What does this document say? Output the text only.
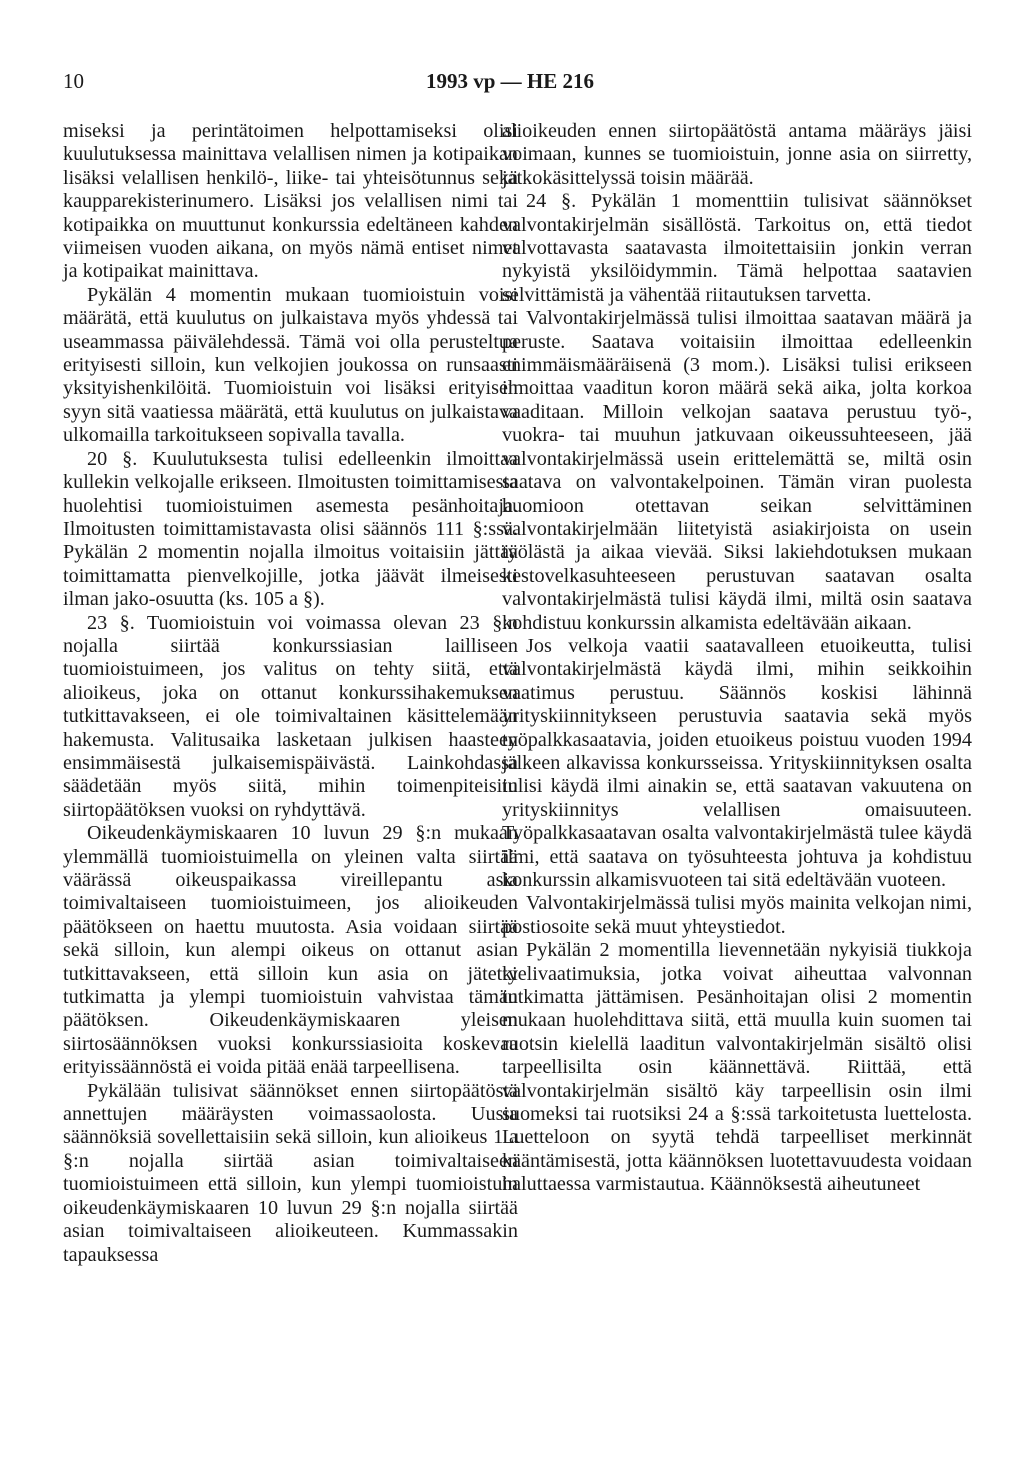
10	1993 vp — HE 216

miseksi ja perintätoimen helpottamiseksi olisi kuulutuksessa mainittava velallisen nimen ja kotipaikan lisäksi velallisen henkilö-, liike- tai yhteisötunnus sekä kaupparekisterinumero. Lisäksi jos velallisen nimi tai kotipaikka on muuttunut konkurssia edeltäneen kahden viimeisen vuoden aikana, on myös nämä entiset nimet ja kotipaikat mainittava.

Pykälän 4 momentin mukaan tuomioistuin voisi määrätä, että kuulutus on julkaistava myös yhdessä tai useammassa päivälehdessä. Tämä voi olla perusteltua erityisesti silloin, kun velkojien joukossa on runsaasti yksityishenkilöitä. Tuomioistuin voi lisäksi erityisen syyn sitä vaatiessa määrätä, että kuulutus on julkaistava ulkomailla tarkoitukseen sopivalla tavalla.

20 §. Kuulutuksesta tulisi edelleenkin ilmoittaa kullekin velkojalle erikseen. Ilmoitusten toimittamisesta huolehtisi tuomioistuimen asemesta pesänhoitaja. Ilmoitusten toimittamistavasta olisi säännös 111 §:ssä. Pykälän 2 momentin nojalla ilmoitus voitaisiin jättää toimittamatta pienvelkojille, jotka jäävät ilmeisesti ilman jako-osuutta (ks. 105 a §).

23 §. Tuomioistuin voi voimassa olevan 23 §:n nojalla siirtää konkurssiasian lailliseen tuomioistuimeen, jos valitus on tehty siitä, että alioikeus, joka on ottanut konkurssihakemuksen tutkittavakseen, ei ole toimivaltainen käsittelemään hakemusta. Valitusaika lasketaan julkisen haasteen ensimmäisestä julkaisemispäivästä. Lainkohdassa säädetään myös siitä, mihin toimenpiteisiin siirtopäätöksen vuoksi on ryhdyttävä.

Oikeudenkäymiskaaren 10 luvun 29 §:n mukaan ylemmällä tuomioistuimella on yleinen valta siirtää väärässä oikeuspaikassa vireillepantu asia toimivaltaiseen tuomioistuimeen, jos alioikeuden päätökseen on haettu muutosta. Asia voidaan siirtää sekä silloin, kun alempi oikeus on ottanut asian tutkittavakseen, että silloin kun asia on jätetty tutkimatta ja ylempi tuomioistuin vahvistaa tämän päätöksen. Oikeudenkäymiskaaren yleisen siirtosäännöksen vuoksi konkurssiasioita koskevaa erityissäännöstä ei voida pitää enää tarpeellisena.

Pykälään tulisivat säännökset ennen siirtopäätöstä annettujen määräysten voimassaolosta. Uusia säännöksiä sovellettaisiin sekä silloin, kun alioikeus 1 a §:n nojalla siirtää asian toimivaltaiseen tuomioistuimeen että silloin, kun ylempi tuomioistuin oikeudenkäymiskaaren 10 luvun 29 §:n nojalla siirtää asian toimivaltaiseen alioikeuteen. Kummassakin tapauksessa

alioikeuden ennen siirtopäätöstä antama määräys jäisi voimaan, kunnes se tuomioistuin, jonne asia on siirretty, jatkokäsittelyssä toisin määrää.

24 §. Pykälän 1 momenttiin tulisivat säännökset valvontakirjelmän sisällöstä. Tarkoitus on, että tiedot valvottavasta saatavasta ilmoitettaisiin jonkin verran nykyistä yksilöidymmin. Tämä helpottaa saatavien selvittämistä ja vähentää riitautuksen tarvetta.

Valvontakirjelmässä tulisi ilmoittaa saatavan määrä ja peruste. Saatava voitaisiin ilmoittaa edelleenkin enimmäismääräisenä (3 mom.). Lisäksi tulisi erikseen ilmoittaa vaaditun koron määrä sekä aika, jolta korkoa vaaditaan. Milloin velkojan saatava perustuu työ-, vuokra- tai muuhun jatkuvaan oikeussuhteeseen, jää valvontakirjelmässä usein erittelemättä se, miltä osin saatava on valvontakelpoinen. Tämän viran puolesta huomioon otettavan seikan selvittäminen valvontakirjelmään liitetyistä asiakirjoista on usein työlästä ja aikaa vievää. Siksi lakiehdotuksen mukaan kestovelkasuhteeseen perustuvan saatavan osalta valvontakirjelmästä tulisi käydä ilmi, miltä osin saatava kohdistuu konkurssin alkamista edeltävään aikaan.

Jos velkoja vaatii saatavalleen etuoikeutta, tulisi valvontakirjelmästä käydä ilmi, mihin seikkoihin vaatimus perustuu. Säännös koskisi lähinnä yrityskiinnitykseen perustuvia saatavia sekä myös työpalkkasaatavia, joiden etuoikeus poistuu vuoden 1994 jälkeen alkavissa konkursseissa. Yrityskiinnityksen osalta tulisi käydä ilmi ainakin se, että saatavan vakuutena on yrityskiinnitys velallisen omaisuuteen. Työpalkkasaatavan osalta valvontakirjelmästä tulee käydä ilmi, että saatava on työsuhteesta johtuva ja kohdistuu konkurssin alkamisvuoteen tai sitä edeltävään vuoteen.

Valvontakirjelmässä tulisi myös mainita velkojan nimi, postiosoite sekä muut yhteystiedot.

Pykälän 2 momentilla lievennetään nykyisiä tiukkoja kielivaatimuksia, jotka voivat aiheuttaa valvonnan tutkimatta jättämisen. Pesänhoitajan olisi 2 momentin mukaan huolehdittava siitä, että muulla kuin suomen tai ruotsin kielellä laaditun valvontakirjelmän sisältö olisi tarpeellisilta osin käännettävä. Riittää, että valvontakirjelmän sisältö käy tarpeellisin osin ilmi suomeksi tai ruotsiksi 24 a §:ssä tarkoitetusta luettelosta. Luetteloon on syytä tehdä tarpeelliset merkinnät kääntämisestä, jotta käännöksen luotettavuudesta voidaan haluttaessa varmistautua. Käännöksestä aiheutuneet
